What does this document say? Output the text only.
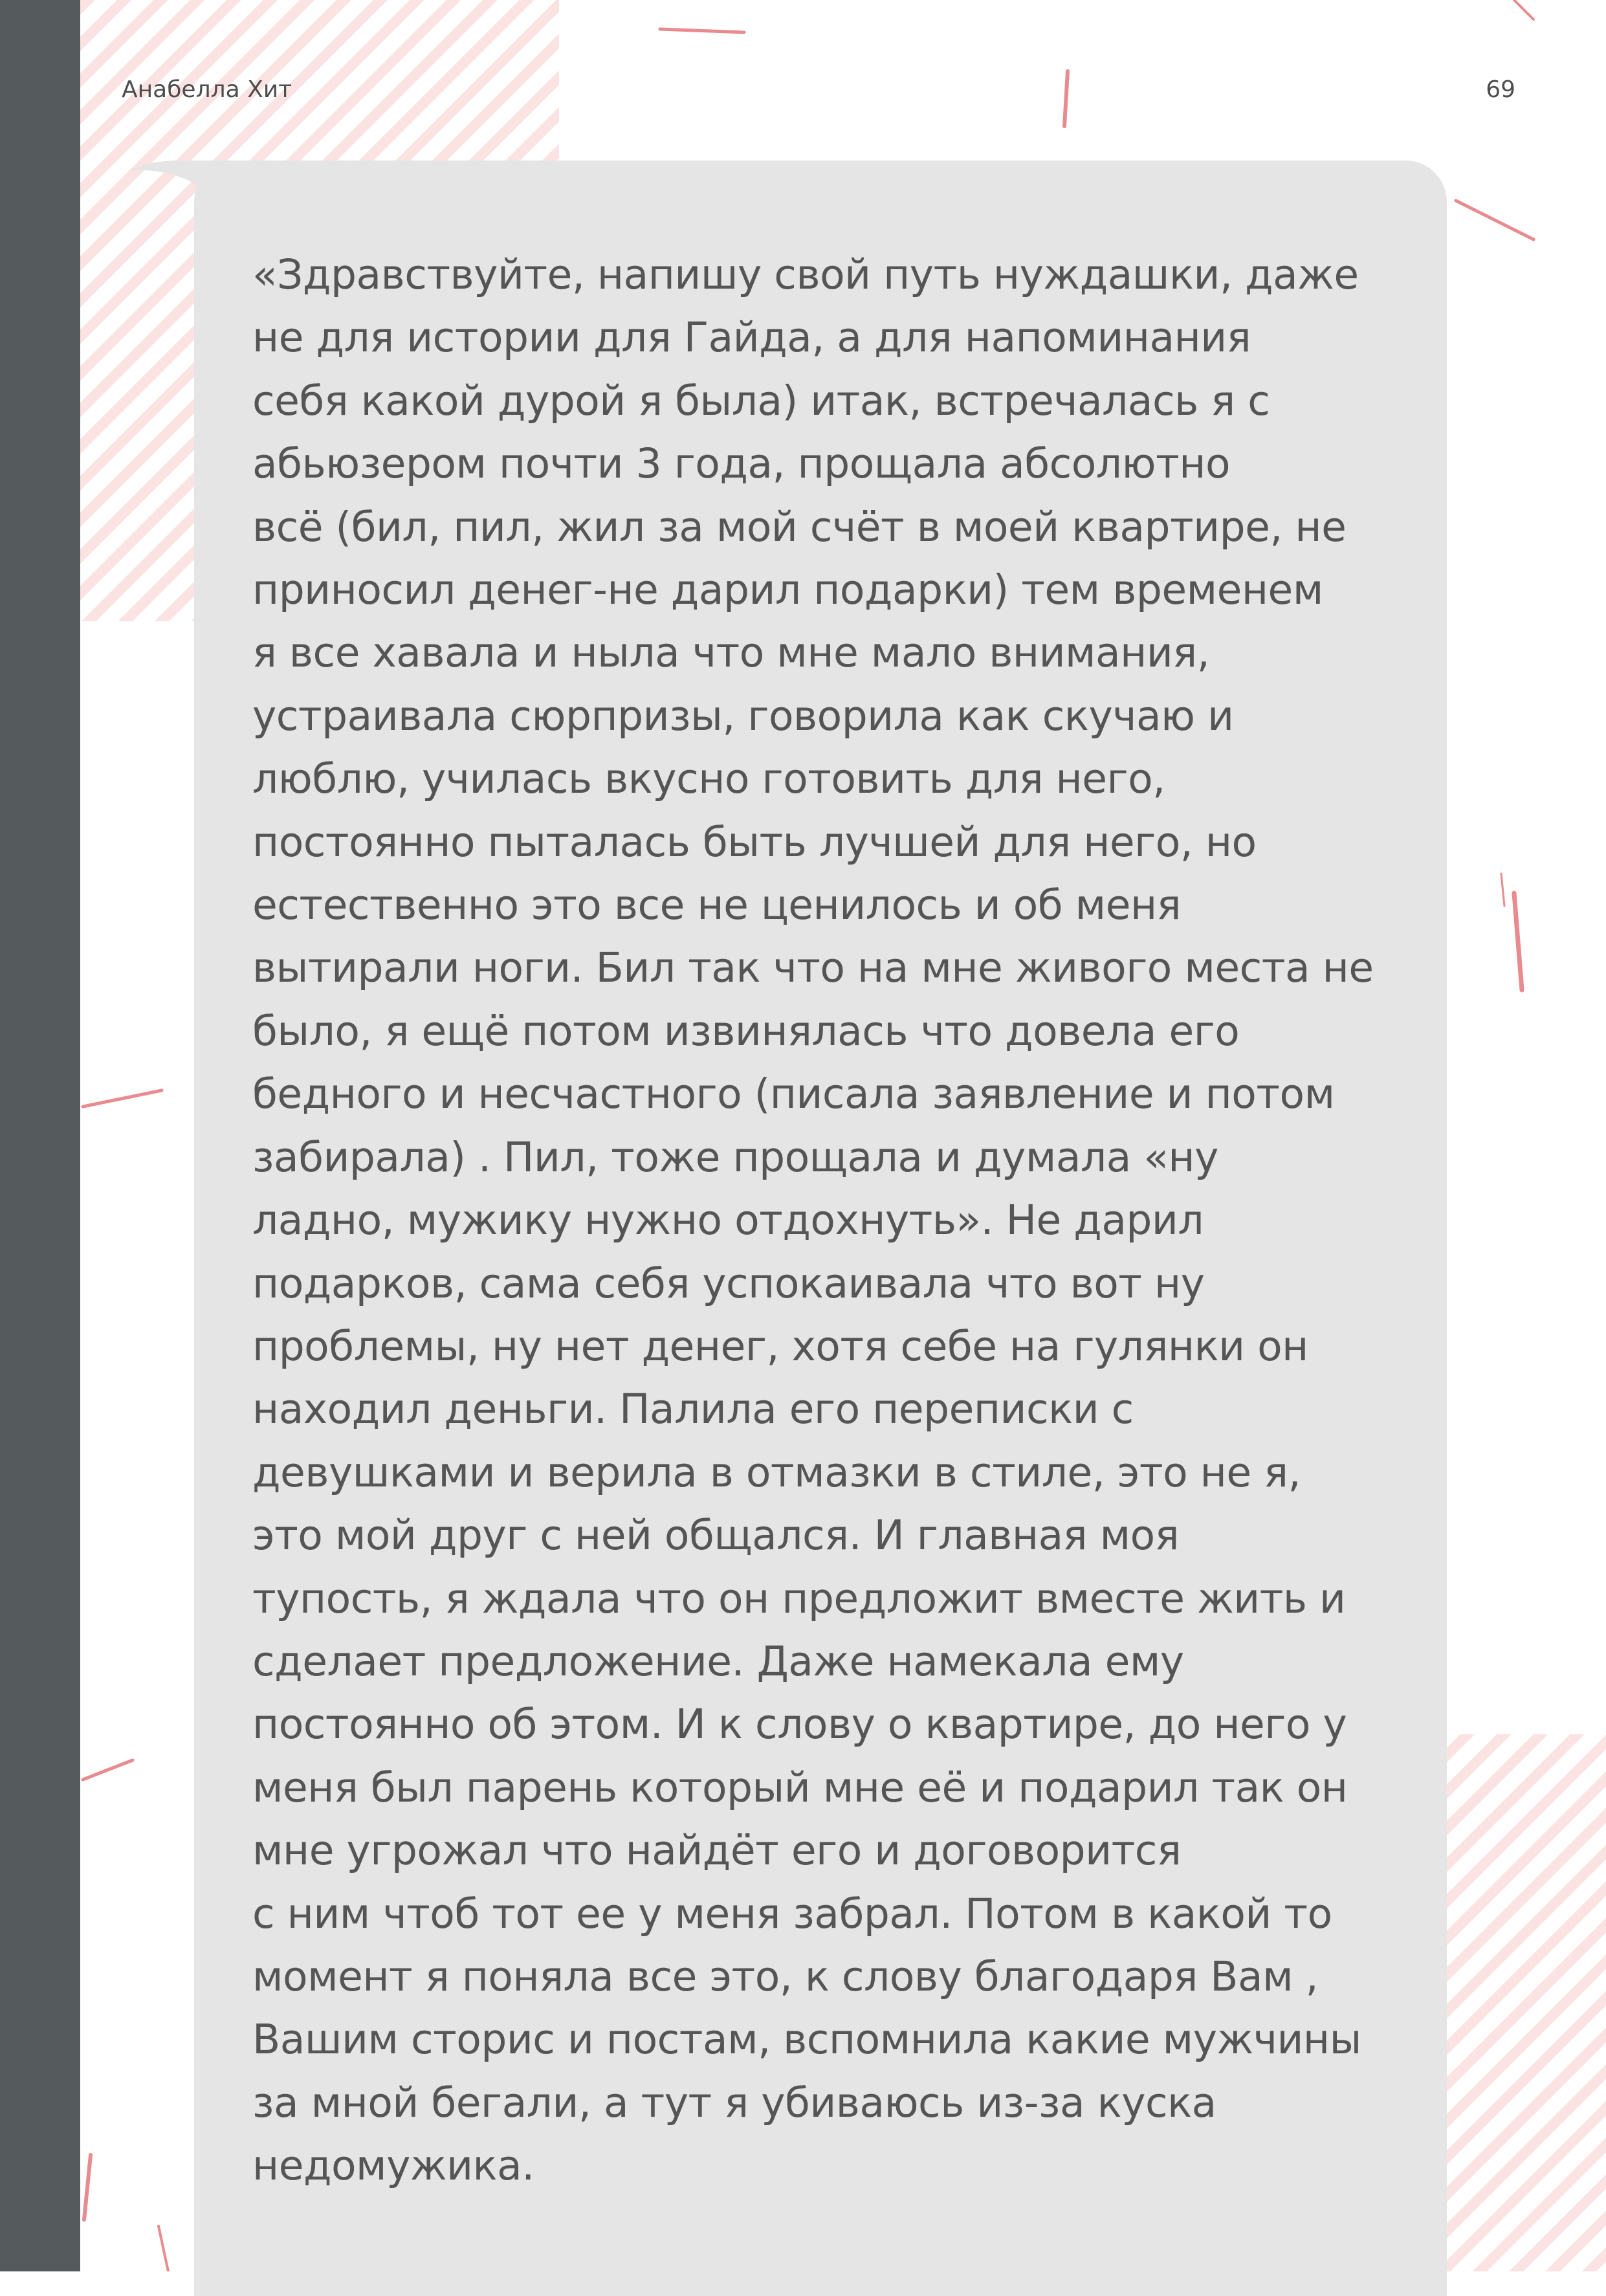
Анабелла Хит	69

«Здравствуйте, напишу свой путь нуждашки, даже
не для истории для Гайда, а для напоминания
себя какой дурой я была) итак, встречалась я с
абьюзером почти 3 года, прощала абсолютно
всё (бил, пил, жил за мой счёт в моей квартире, не
приносил денег-не дарил подарки) тем временем
я все хавала и ныла что мне мало внимания,
устраивала сюрпризы, говорила как скучаю и
люблю, училась вкусно готовить для него,
постоянно пыталась быть лучшей для него, но
естественно это все не ценилось и об меня
вытирали ноги. Бил так что на мне живого места не
было, я ещё потом извинялась что довела его
бедного и несчастного (писала заявление и потом
забирала) . Пил, тоже прощала и думала «ну
ладно, мужику нужно отдохнуть». Не дарил
подарков, сама себя успокаивала что вот ну
проблемы, ну нет денег, хотя себе на гулянки он
находил деньги. Палила его переписки с
девушками и верила в отмазки в стиле, это не я,
это мой друг с ней общался. И главная моя
тупость, я ждала что он предложит вместе жить и
сделает предложение. Даже намекала ему
постоянно об этом. И к слову о квартире, до него у
меня был парень который мне её и подарил так он
мне угрожал что найдёт его и договорится
с ним чтоб тот ее у меня забрал. Потом в какой то
момент я поняла все это, к слову благодаря Вам ,
Вашим сторис и постам, вспомнила какие мужчины
за мной бегали, а тут я убиваюсь из-за куска
недомужика.
